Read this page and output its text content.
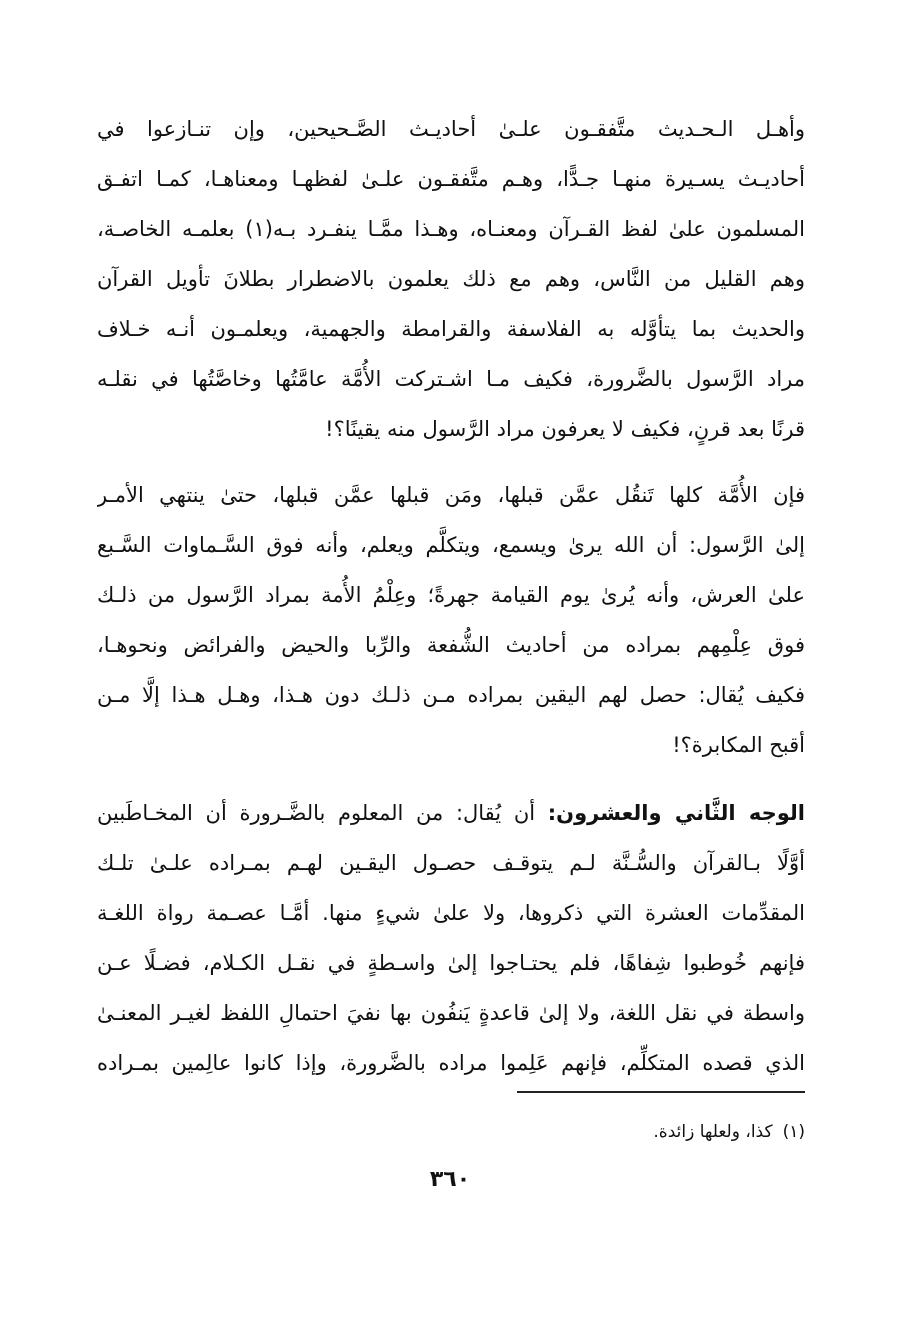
وأهـل الـحـديث متَّفقـون علـىٰ أحاديـث الصَّـحيحين، وإن تنـازعوا في
أحاديـث يسـيرة منهـا جـدًّا، وهـم متَّفقـون علـىٰ لفظهـا ومعناهـا، كمـا اتفـق
المسلمون علىٰ لفظ القـرآن ومعنـاه، وهـذا ممَّـا ينفـرد بـه(١) بعلمـه الخاصـة،
وهم القليل من النَّاس، وهم مع ذلك يعلمون بالاضطرار بطلانَ تأويل القرآن
والحديث بما يتأوَّله به الفلاسفة والقرامطة والجهمية، ويعلمـون أنـه خـلاف
مراد الرَّسول بالضَّرورة، فكيف مـا اشـتركت الأُمَّة عامَّتُها وخاصَّتُها في نقلـه
قرنًا بعد قرنٍ، فكيف لا يعرفون مراد الرَّسول منه يقينًا؟!
فإن الأُمَّة كلها تَنقُل عمَّن قبلها، ومَن قبلها عمَّن قبلها، حتىٰ ينتهي الأمـر
إلىٰ الرَّسول: أن الله يرىٰ ويسمع، ويتكلَّم ويعلم، وأنه فوق السَّـماوات السَّـبع
علىٰ العرش، وأنه يُرىٰ يوم القيامة جهرةً؛ وعِلْمُ الأُمة بمراد الرَّسول من ذلـك
فوق عِلْمِهم بمراده من أحاديث الشُّفعة والرِّبا والحيض والفرائض ونحوهـا،
فكيف يُقال: حصل لهم اليقين بمراده مـن ذلـك دون هـذا، وهـل هـذا إلَّا مـن
أقبح المكابرة؟!
الوجه الثَّاني والعشرون: أن يُقال: من المعلوم بالضَّـرورة أن المخـاطَبين
أوَّلًا بـالقرآن والسُّـنَّة لـم يتوقـف حصـول اليقـين لهـم بمـراده علـىٰ تلـك
المقدِّمات العشرة التي ذكروها، ولا علىٰ شيءٍ منها. أمَّـا عصـمة رواة اللغـة
فإنهم خُوطبوا شِفاهًا، فلم يحتـاجوا إلىٰ واسـطةٍ في نقـل الكـلام، فضـلًا عـن
واسطة في نقل اللغة، ولا إلىٰ قاعدةٍ يَنفُون بها نفيَ احتمالِ اللفظ لغيـر المعنـىٰ
الذي قصده المتكلِّم، فإنهم عَلِموا مراده بالضَّرورة، وإذا كانوا عالِمين بمـراده
(١)كذا، ولعلها زائدة.
٣٦٠
